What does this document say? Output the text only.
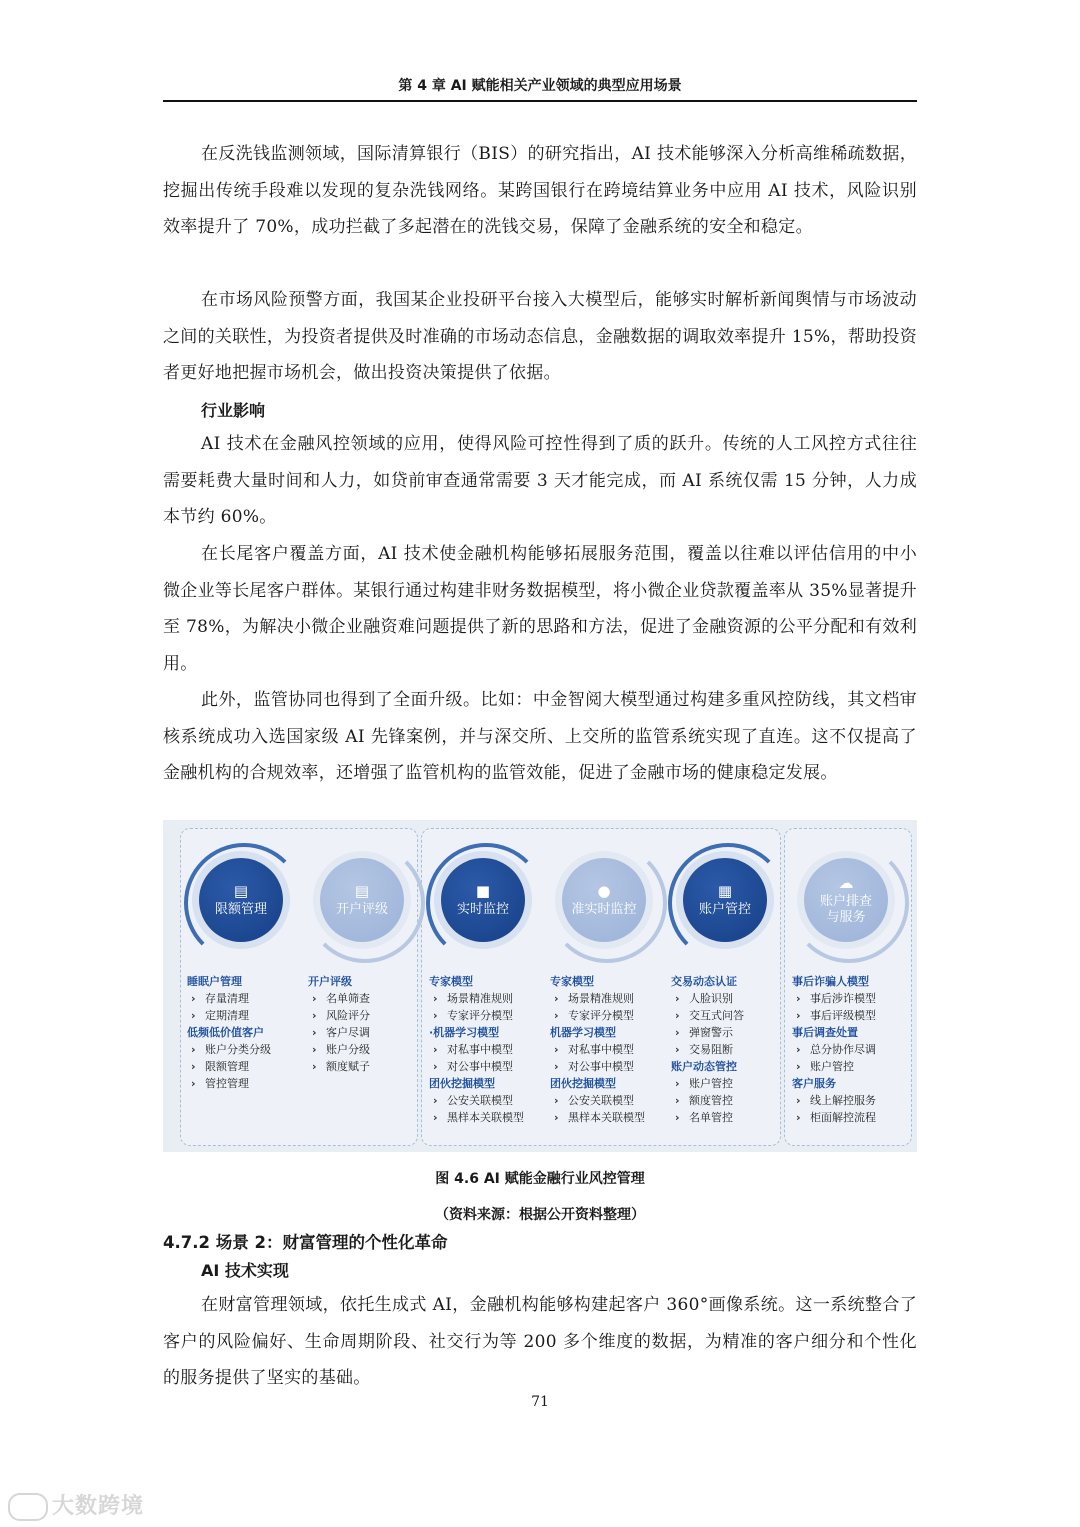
第 4 章 AI 赋能相关产业领域的典型应用场景

在反洗钱监测领域，国际清算银行（BIS）的研究指出，AI 技术能够深入分析高维稀疏数据，挖掘出传统手段难以发现的复杂洗钱网络。某跨国银行在跨境结算业务中应用 AI 技术，风险识别效率提升了 70%，成功拦截了多起潜在的洗钱交易，保障了金融系统的安全和稳定。

在市场风险预警方面，我国某企业投研平台接入大模型后，能够实时解析新闻舆情与市场波动之间的关联性，为投资者提供及时准确的市场动态信息，金融数据的调取效率提升 15%，帮助投资者更好地把握市场机会，做出投资决策提供了依据。

行业影响

AI 技术在金融风控领域的应用，使得风险可控性得到了质的跃升。传统的人工风控方式往往需要耗费大量时间和人力，如贷前审查通常需要 3 天才能完成，而 AI 系统仅需 15 分钟，人力成本节约 60%。

在长尾客户覆盖方面，AI 技术使金融机构能够拓展服务范围，覆盖以往难以评估信用的中小微企业等长尾客户群体。某银行通过构建非财务数据模型，将小微企业贷款覆盖率从 35%显著提升至 78%，为解决小微企业融资难问题提供了新的思路和方法，促进了金融资源的公平分配和有效利用。

此外，监管协同也得到了全面升级。比如：中金智阅大模型通过构建多重风控防线，其文档审核系统成功入选国家级 AI 先锋案例，并与深交所、上交所的监管系统实现了直连。这不仅提高了金融机构的合规效率，还增强了监管机构的监管效能，促进了金融市场的健康稳定发展。

▤
限额管理
▤
开户评级
■
实时监控
●
准实时监控
▦
账户管控
☁
账户排查
与服务
睡眠户管理
› 存量清理
› 定期清理
低频低价值客户
› 账户分类分级
› 限额管理
› 管控管理
开户评级
› 名单筛查
› 风险评分
› 客户尽调
› 账户分级
› 额度赋子
专家模型
› 场景精准规则
› 专家评分模型
·机器学习模型
› 对私事中模型
› 对公事中模型
团伙挖掘模型
› 公安关联模型
› 黑样本关联模型
专家模型
› 场景精准规则
› 专家评分模型
机器学习模型
› 对私事中模型
› 对公事中模型
团伙挖掘模型
› 公安关联模型
› 黑样本关联模型
交易动态认证
› 人脸识别
› 交互式问答
› 弹窗警示
› 交易阻断
账户动态管控
› 账户管控
› 额度管控
› 名单管控
事后诈骗人模型
› 事后涉诈模型
› 事后评级模型
事后调查处置
› 总分协作尽调
› 账户管控
客户服务
› 线上解控服务
› 柜面解控流程
图 4.6 AI 赋能金融行业风控管理
（资料来源：根据公开资料整理）
4.7.2 场景 2：财富管理的个性化革命
AI 技术实现

在财富管理领域，依托生成式 AI，金融机构能够构建起客户 360°画像系统。这一系统整合了客户的风险偏好、生命周期阶段、社交行为等 200 多个维度的数据，为精准的客户细分和个性化的服务提供了坚实的基础。

71
大数跨境
